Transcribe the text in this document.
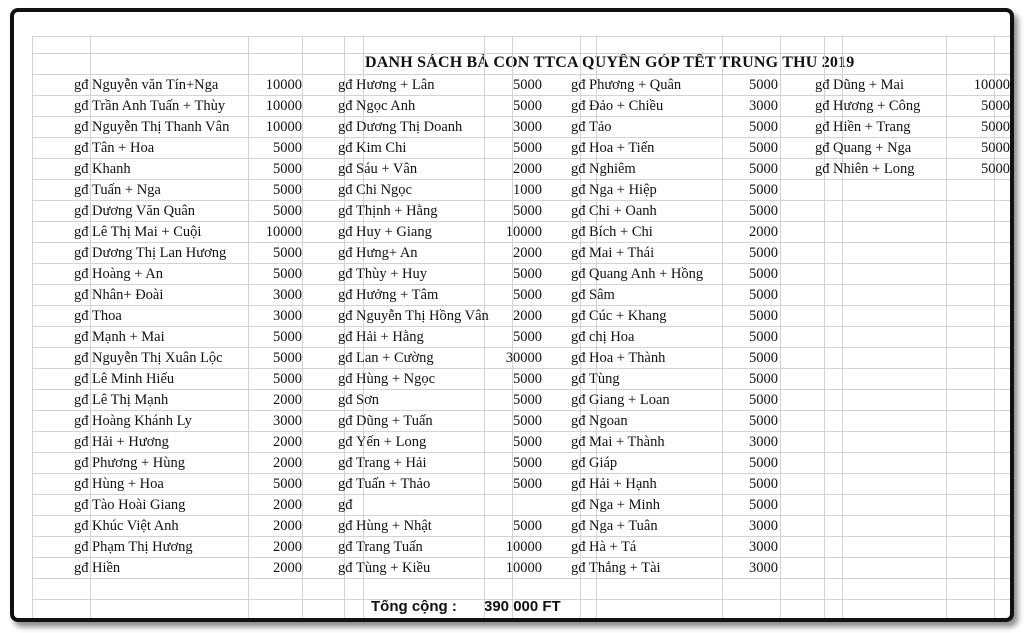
DANH SÁCH BÀ CON TTCA QUYÊN GÓP TẾT TRUNG THU 2019
Tổng cộng : 390 000 FT
gđ Nguyễn văn Tín+Nga	10000
gđ Trần Anh Tuấn + Thùy	10000
gđ Nguyễn Thị Thanh Vân	10000
gđ Tân + Hoa	5000
gđ Khanh	5000
gđ Tuấn + Nga	5000
gđ Dương Văn Quân	5000
gđ Lê Thị Mai + Cuội	10000
gđ Dương Thị Lan Hương	5000
gđ Hoàng + An	5000
gđ Nhân+ Đoài	3000
gđ Thoa	3000
gđ Mạnh + Mai	5000
gđ Nguyễn Thị Xuân Lộc	5000
gđ Lê Minh Hiếu	5000
gđ Lê Thị Mạnh	2000
gđ Hoàng Khánh Ly	3000
gđ Hải + Hương	2000
gđ Phương + Hùng	2000
gđ Hùng + Hoa	5000
gđ Tào Hoài Giang	2000
gđ Khúc Việt Anh	2000
gđ Phạm Thị Hương	2000
gđ Hiền	2000
gđ Hương + Lân	5000
gđ Ngọc Anh	5000
gđ Dương Thị Doanh	3000
gđ Kim Chi	5000
gđ Sáu + Vân	2000
gđ Chi Ngọc	1000
gđ Thịnh + Hằng	5000
gđ Huy + Giang	10000
gđ Hưng+ An	2000
gđ Thùy + Huy	5000
gđ Hưởng + Tâm	5000
gđ Nguyễn Thị Hồng Vân	2000
gđ Hải + Hằng	5000
gđ Lan + Cường	30000
gđ Hùng + Ngọc	5000
gđ Sơn	5000
gđ Dũng + Tuấn	5000
gđ Yến + Long	5000
gđ Trang + Hải	5000
gđ Tuấn + Thảo	5000
gđ
gđ Hùng + Nhật	5000
gđ Trang Tuấn	10000
gđ Tùng + Kiều	10000
gđ Phương + Quân	5000
gđ Đảo + Chiều	3000
gđ Tảo	5000
gđ Hoa + Tiến	5000
gđ Nghiêm	5000
gđ Nga + Hiệp	5000
gđ Chi + Oanh	5000
gđ Bích + Chi	2000
gđ Mai + Thái	5000
gđ Quang Anh + Hồng	5000
gđ Sâm	5000
gđ Cúc + Khang	5000
gđ chị Hoa	5000
gđ Hoa + Thành	5000
gđ Tùng	5000
gđ Giang + Loan	5000
gđ Ngoan	5000
gđ Mai + Thành	3000
gđ Giáp	5000
gđ Hải + Hạnh	5000
gđ Nga + Minh	5000
gđ Nga + Tuân	3000
gđ Hà + Tá	3000
gđ Thắng + Tài	3000
gđ Dũng + Mai	10000
gđ Hương + Công	5000
gđ Hiền + Trang	5000
gđ Quang + Nga	5000
gđ Nhiên + Long	5000
